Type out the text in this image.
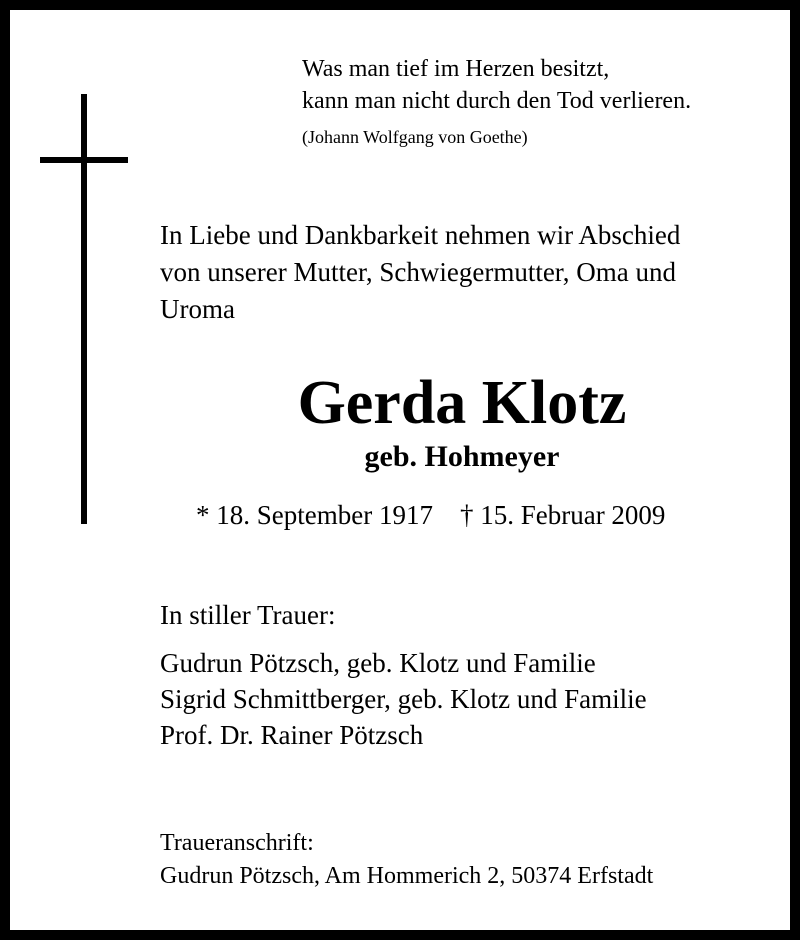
Was man tief im Herzen besitzt,
kann man nicht durch den Tod verlieren.
(Johann Wolfgang von Goethe)
In Liebe und Dankbarkeit nehmen wir Abschied
von unserer Mutter, Schwiegermutter, Oma und
Uroma
Gerda Klotz
geb. Hohmeyer
* 18. September 1917 † 15. Februar 2009
In stiller Trauer:
Gudrun Pötzsch, geb. Klotz und Familie
Sigrid Schmittberger, geb. Klotz und Familie
Prof. Dr. Rainer Pötzsch
Traueranschrift:
Gudrun Pötzsch, Am Hommerich 2, 50374 Erfstadt
